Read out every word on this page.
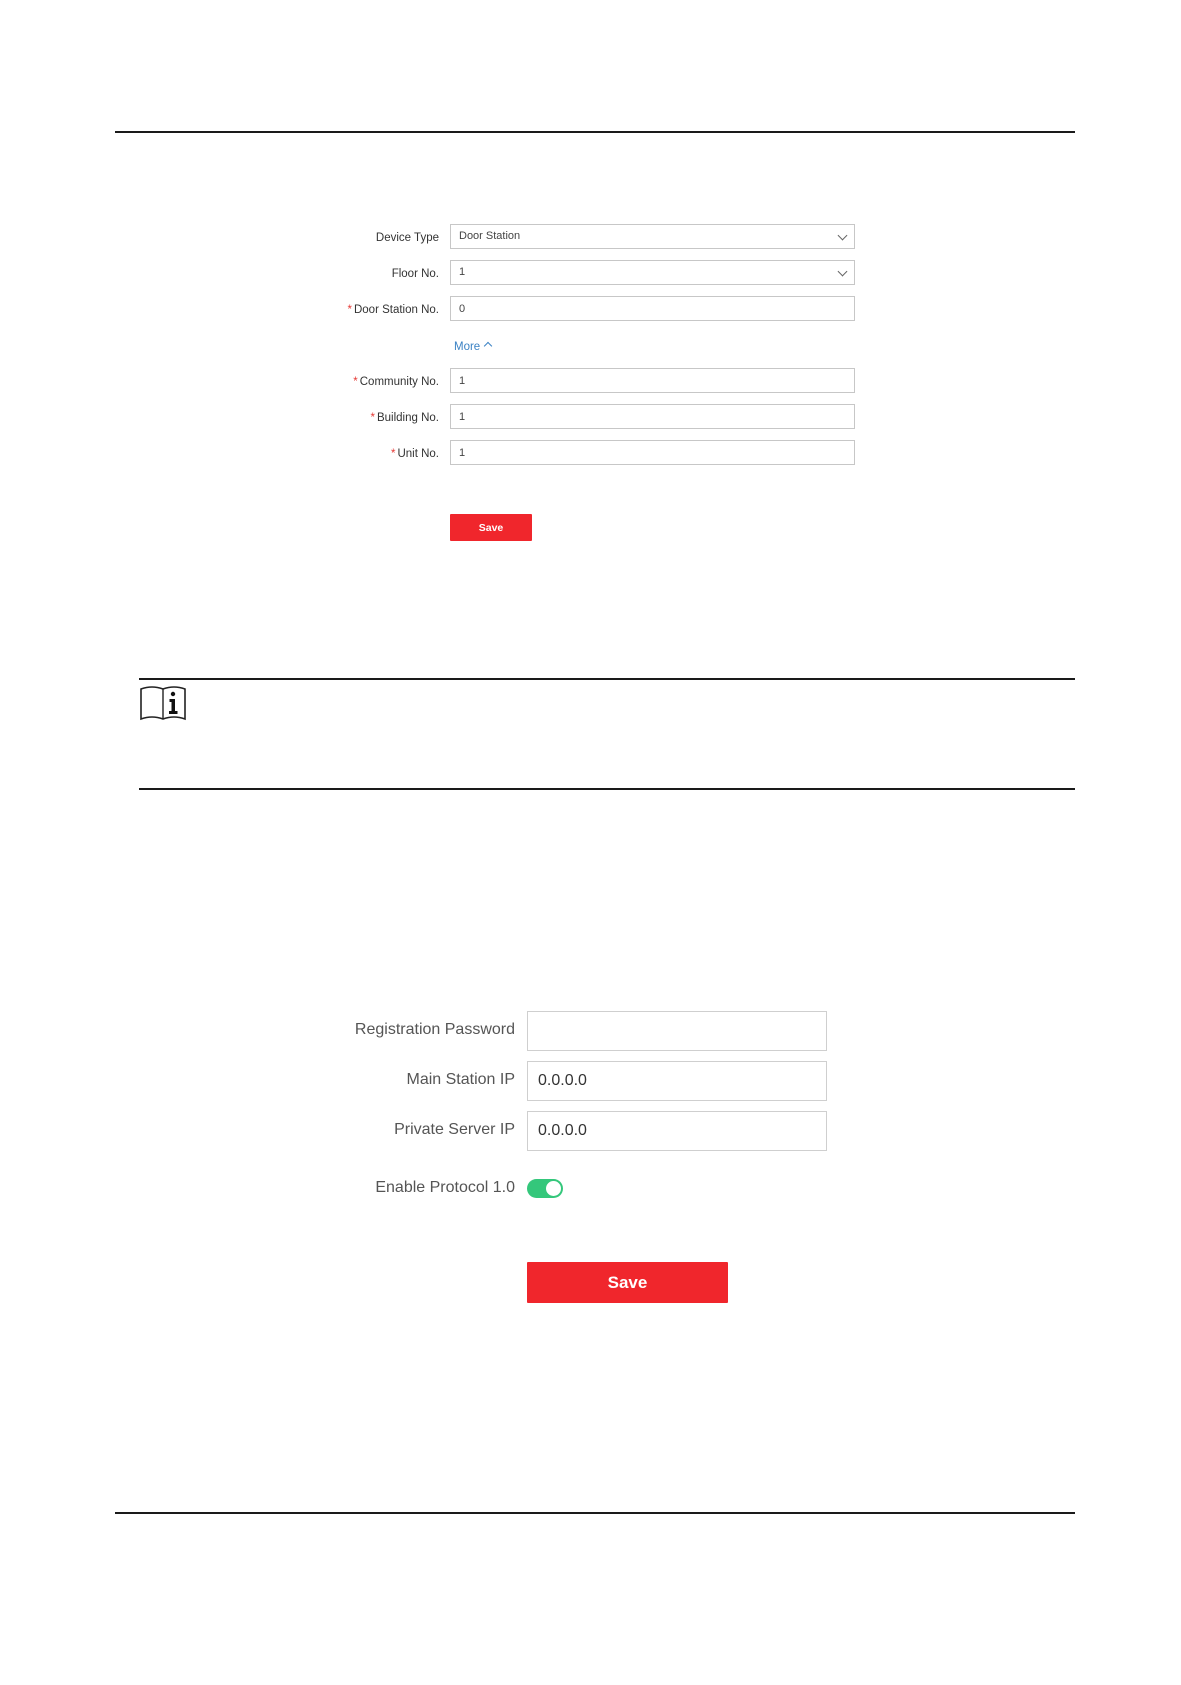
Device Type	Door Station
Floor No.	1
* Door Station No.
0
More
* Community No.
1
* Building No.
1
* Unit No.
1
Save
Registration Password
Main Station IP
0.0.0.0
Private Server IP
0.0.0.0
Enable Protocol 1.0
Save
